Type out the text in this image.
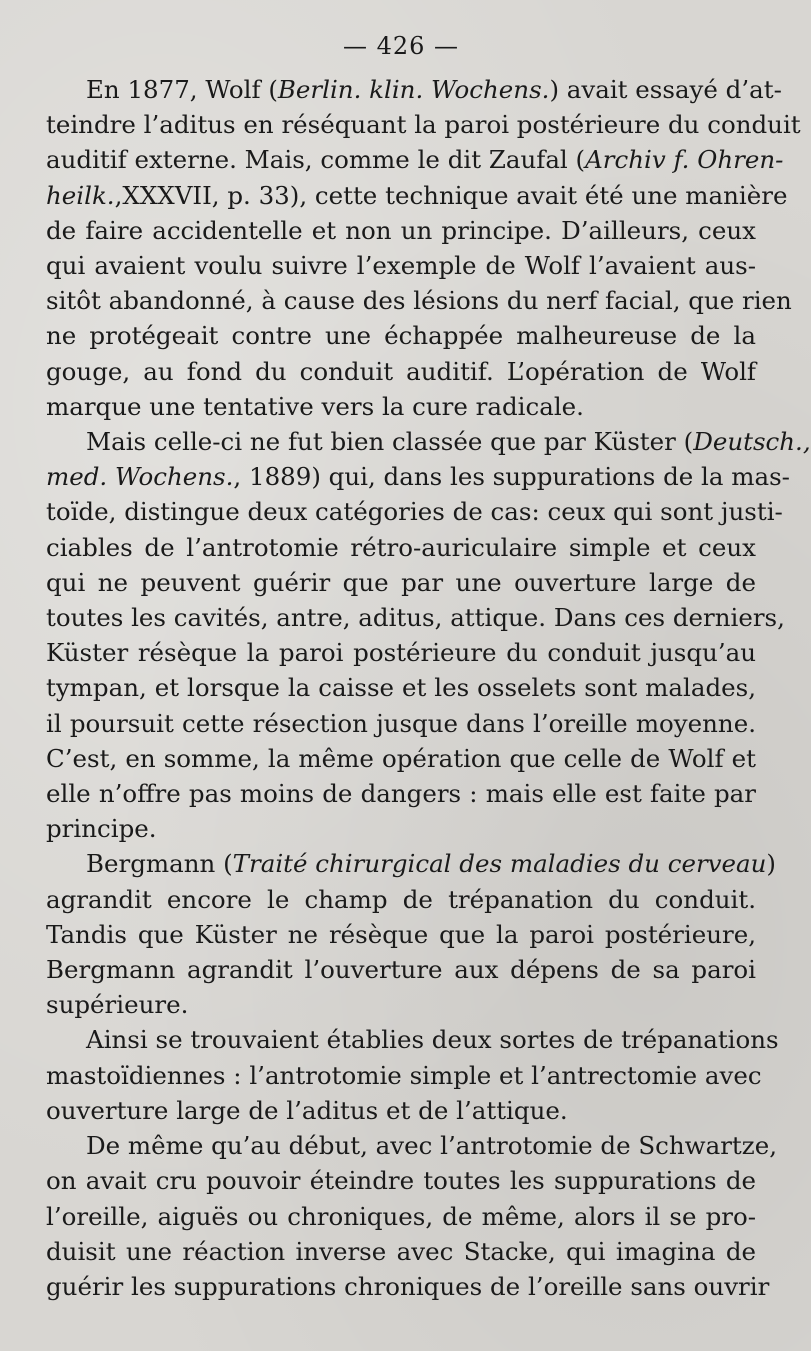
— 426 —
En 1877, Wolf (Berlin. klin. Wochens.) avait essayé d’at-
teindre l’aditus en réséquant la paroi postérieure du conduit
auditif externe. Mais, comme le dit Zaufal (Archiv f. Ohren-
heilk.,XXXVII, p. 33), cette technique avait été une manière
de faire accidentelle et non un principe. D’ailleurs, ceux
qui avaient voulu suivre l’exemple de Wolf l’avaient aus-
sitôt abandonné, à cause des lésions du nerf facial, que rien
ne protégeait contre une échappée malheureuse de la
gouge, au fond du conduit auditif. L’opération de Wolf
marque une tentative vers la cure radicale.
Mais celle-ci ne fut bien classée que par Küster (Deutsch.,
med. Wochens., 1889) qui, dans les suppurations de la mas-
toïde, distingue deux catégories de cas: ceux qui sont justi-
ciables de l’antrotomie rétro-auriculaire simple et ceux
qui ne peuvent guérir que par une ouverture large de
toutes les cavités, antre, aditus, attique. Dans ces derniers,
Küster résèque la paroi postérieure du conduit jusqu’au
tympan, et lorsque la caisse et les osselets sont malades,
il poursuit cette résection jusque dans l’oreille moyenne.
C’est, en somme, la même opération que celle de Wolf et
elle n’offre pas moins de dangers : mais elle est faite par
principe.
Bergmann (Traité chirurgical des maladies du cerveau)
agrandit encore le champ de trépanation du conduit.
Tandis que Küster ne résèque que la paroi postérieure,
Bergmann agrandit l’ouverture aux dépens de sa paroi
supérieure.
Ainsi se trouvaient établies deux sortes de trépanations
mastoïdiennes : l’antrotomie simple et l’antrectomie avec
ouverture large de l’aditus et de l’attique.
De même qu’au début, avec l’antrotomie de Schwartze,
on avait cru pouvoir éteindre toutes les suppurations de
l’oreille, aiguës ou chroniques, de même, alors il se pro-
duisit une réaction inverse avec Stacke, qui imagina de
guérir les suppurations chroniques de l’oreille sans ouvrir
